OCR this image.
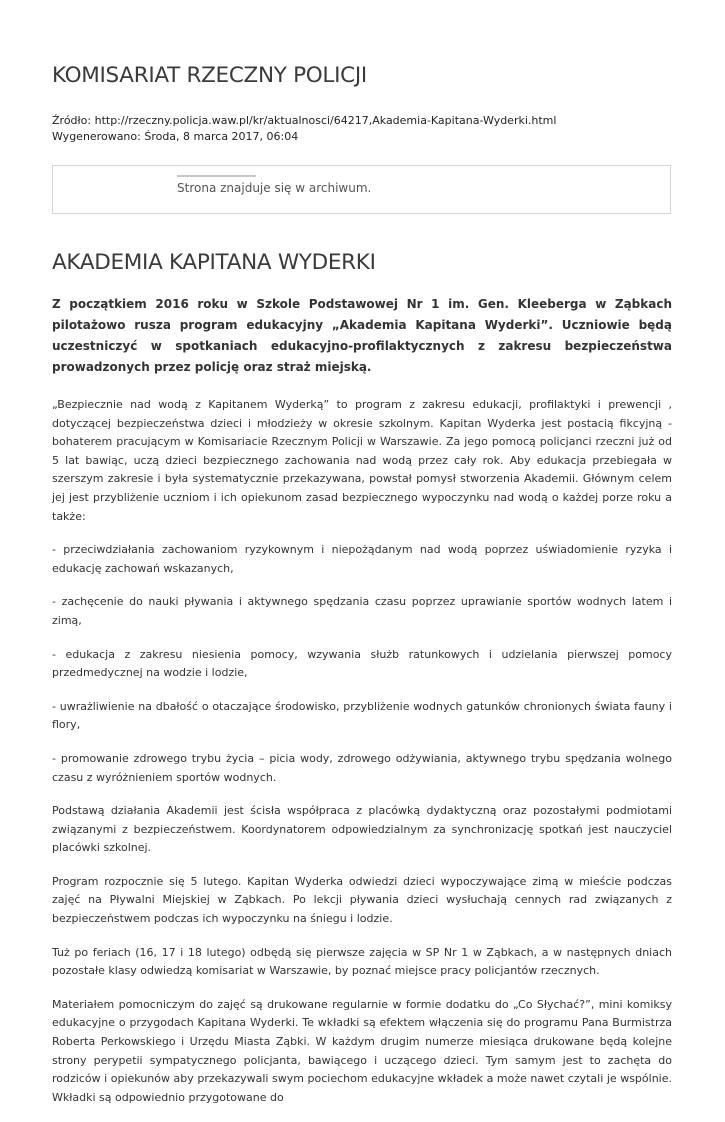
KOMISARIAT RZECZNY POLICJI
Źródło: http://rzeczny.policja.waw.pl/kr/aktualnosci/64217,Akademia-Kapitana-Wyderki.html
Wygenerowano: Środa, 8 marca 2017, 06:04
Strona znajduje się w archiwum.
AKADEMIA KAPITANA WYDERKI

Z początkiem 2016 roku w Szkole Podstawowej Nr 1 im. Gen. Kleeberga w Ząbkach pilotażowo rusza program edukacyjny „Akademia Kapitana Wyderki”. Uczniowie będą uczestniczyć w spotkaniach edukacyjno-profilaktycznych z zakresu bezpieczeństwa prowadzonych przez policję oraz straż miejską.

„Bezpiecznie nad wodą z Kapitanem Wyderką” to program z zakresu edukacji, profilaktyki i prewencji , dotyczącej bezpieczeństwa dzieci i młodzieży w okresie szkolnym. Kapitan Wyderka jest postacią fikcyjną - bohaterem pracującym w Komisariacie Rzecznym Policji w Warszawie. Za jego pomocą policjanci rzeczni już od 5 lat bawiąc, uczą dzieci bezpiecznego zachowania nad wodą przez cały rok. Aby edukacja przebiegała w szerszym zakresie i była systematycznie przekazywana, powstał pomysł stworzenia Akademii. Głównym celem jej jest przybliżenie uczniom i ich opiekunom zasad bezpiecznego wypoczynku nad wodą o każdej porze roku a także:

- przeciwdziałania zachowaniom ryzykownym i niepożądanym nad wodą poprzez uświadomienie ryzyka i edukację zachowań wskazanych,

- zachęcenie do nauki pływania i aktywnego spędzania czasu poprzez uprawianie sportów wodnych latem i zimą,

- edukacja z zakresu niesienia pomocy, wzywania służb ratunkowych i udzielania pierwszej pomocy przedmedycznej na wodzie i lodzie,

- uwrażliwienie na dbałość o otaczające środowisko, przybliżenie wodnych gatunków chronionych świata fauny i flory,

- promowanie zdrowego trybu życia – picia wody, zdrowego odżywiania, aktywnego trybu spędzania wolnego czasu z wyróżnieniem sportów wodnych.

Podstawą działania Akademii jest ścisła współpraca z placówką dydaktyczną oraz pozostałymi podmiotami związanymi z bezpieczeństwem. Koordynatorem odpowiedzialnym za synchronizację spotkań jest nauczyciel placówki szkolnej.

Program rozpocznie się 5 lutego. Kapitan Wyderka odwiedzi dzieci wypoczywające zimą w mieście podczas zajęć na Pływalni Miejskiej w Ząbkach. Po lekcji pływania dzieci wysłuchają cennych rad związanych z bezpieczeństwem podczas ich wypoczynku na śniegu i lodzie.

Tuż po feriach (16, 17 i 18 lutego) odbędą się pierwsze zajęcia w SP Nr 1 w Ząbkach, a w następnych dniach pozostałe klasy odwiedzą komisariat w Warszawie, by poznać miejsce pracy policjantów rzecznych.

Materiałem pomocniczym do zajęć są drukowane regularnie w formie dodatku do „Co Słychać?”, mini komiksy edukacyjne o przygodach Kapitana Wyderki. Te wkładki są efektem włączenia się do programu Pana Burmistrza Roberta Perkowskiego i Urzędu Miasta Ząbki. W każdym drugim numerze miesiąca drukowane będą kolejne strony perypetii sympatycznego policjanta, bawiącego i uczącego dzieci. Tym samym jest to zachęta do rodziców i opiekunów aby przekazywali swym pociechom edukacyjne wkładek a może nawet czytali je wspólnie. Wkładki są odpowiednio przygotowane do
